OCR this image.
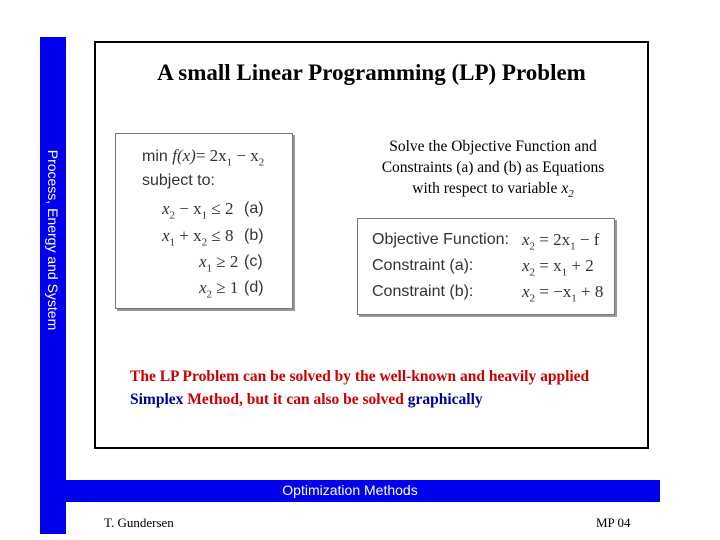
Process, Energy and System
A small Linear Programming (LP) Problem
$\min f(x)= 2x_1 - x_2$
subject to:
$x_2 - x_1 \le 2$ (a)
$x_1 + x_2 \le 8$ (b)
$x_1 \ge 2$ (c)
$x_2 \ge 1$ (d)
Solve the Objective Function and
Constraints (a) and (b) as Equations
with respect to variable $x_2$
Objective Function: $x_2 = 2x_1 - f$
Constraint (a):	$x_2 = x_1 + 2$
Constraint (b):	$x_2 = -x_1 + 8$
The LP Problem can be solved by the well-known and heavily applied Simplex Method, but it can also be solved graphically
Optimization Methods
T. Gundersen	MP 04
